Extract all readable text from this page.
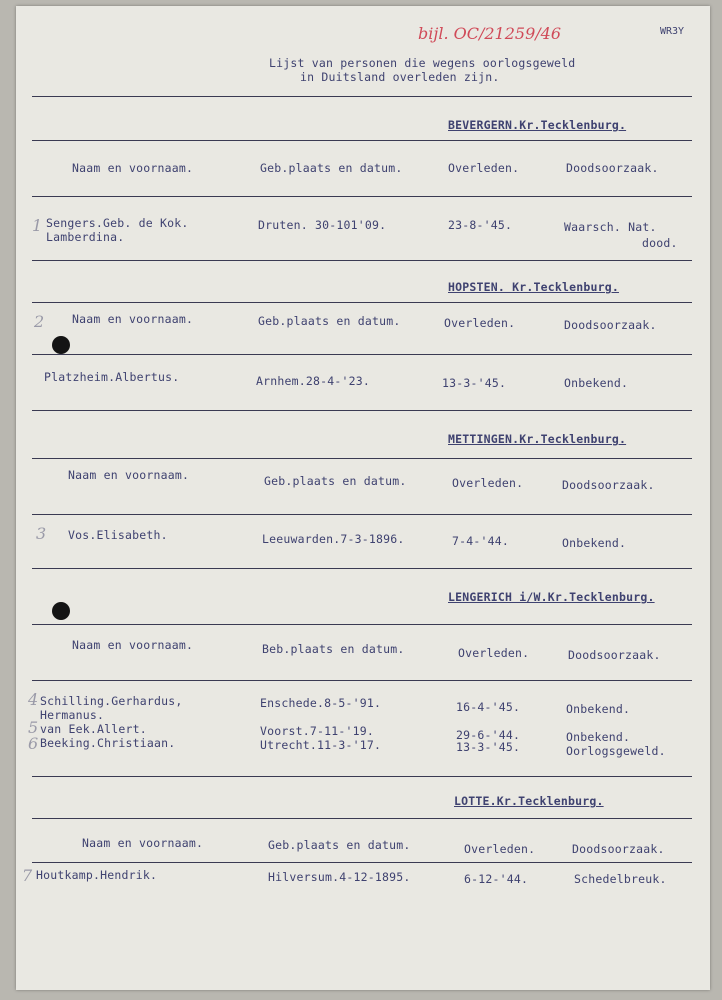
bijl. OC/21259/46	WR3Y
Lijst van personen die wegens oorlogsgeweld
in Duitsland overleden zijn.
BEVERGERN.Kr.Tecklenburg.
Naam en voornaam.	Geb.plaats en datum.	Overleden.	Doodsoorzaak.
1 Sengers.Geb. de Kok.
Lamberdina.
Druten. 30-101'09.	23-8-'45.	Waarsch. Nat.
dood.
HOPSTEN. Kr.Tecklenburg.
2 Naam en voornaam.	Geb.plaats en datum.	Overleden.	Doodsoorzaak.
Platzheim.Albertus.	Arnhem.28-4-'23.	13-3-'45.	Onbekend.
METTINGEN.Kr.Tecklenburg.
Naam en voornaam.	Geb.plaats en datum.	Overleden.	Doodsoorzaak.
3 Vos.Elisabeth.	Leeuwarden.7-3-1896.	7-4-'44.	Onbekend.
LENGERICH i/W.Kr.Tecklenburg.
Naam en voornaam.	Beb.plaats en datum.	Overleden.	Doodsoorzaak.
4 Schilling.Gerhardus,	Enschede.8-5-'91.	16-4-'45.	Onbekend.
Hermanus.
5 van Eek.Allert.	Voorst.7-11-'19.	29-6-'44.	Onbekend.
6 Beeking.Christiaan.	Utrecht.11-3-'17.	13-3-'45.	Oorlogsgeweld.
LOTTE.Kr.Tecklenburg.
Naam en voornaam.	Geb.plaats en datum.	Overleden.	Doodsoorzaak.
7 Houtkamp.Hendrik.	Hilversum.4-12-1895.	6-12-'44.	Schedelbreuk.
